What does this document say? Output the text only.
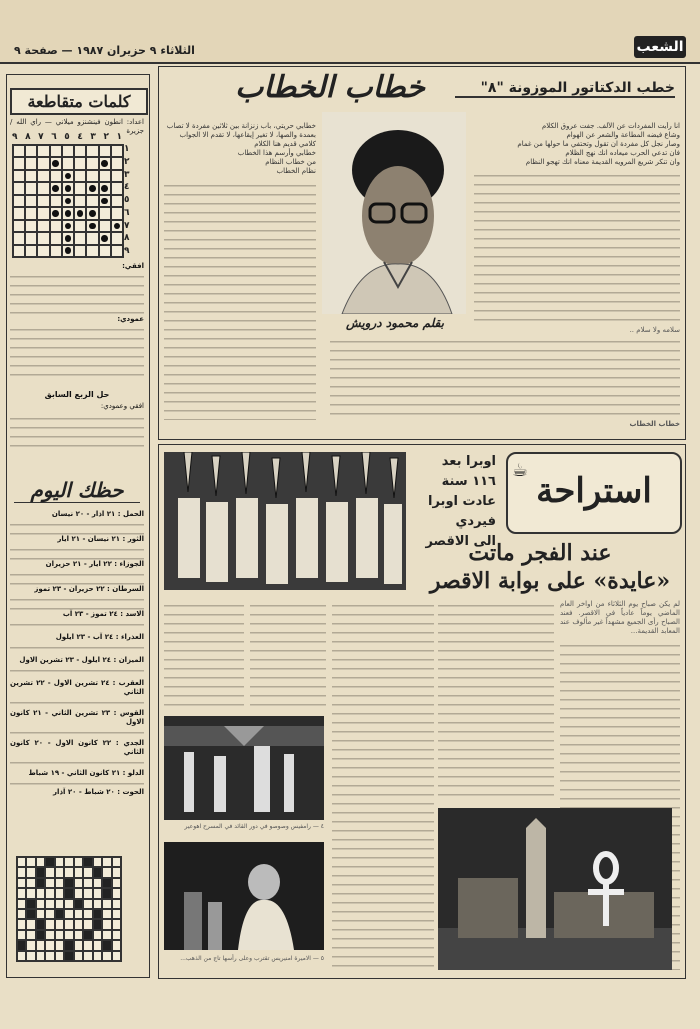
الشعب
الثلاثاء ٩ حزيران ١٩٨٧ — صفحة ٩
خطاب الخطاب	خطب الدكتاتور الموزونة "٨"
بقلم محمود درويش
انا رأيت المفردات عن الألف. جفت عروق الكلام
وشاع فيضه المطاعة والشعر عن الهوام
وصار نجل كل مفردة ان تقول وتحتفي ما حولها من غمام
فان تدعي الحرب ميعاده انك نهج الظلام
وان تنكر شريع المرويه القديمة معناه انك تهجو النظام
خطابي حريتي، باب زنزانة بين ثلاثين مفردة لا تصاب
بعمدة والصها، لا تغير إيقاعها، لا تقدم الا الجواب
كلامي قديم هنا الكلام
خطابي وأرسم هذا الخطاب
من خطاب النظام
نظام الخطاب
سلامه ولا سلام ..
خطاب الخطاب
كلمات متقاطعة
اعداد: انطون فينشنزو ميلاني — راي الله / جزيرة
١
٢
٣
٤
٥
٦
٧
٨
٩
١
٢
٣
٤
٥
٦
٧
٨
٩
افقي:
عمودي:
حل الربع السابق
افقي وعمودي:
حظك اليوم
الحمل : ٢١ آذار - ٢٠ نيسان
الثور : ٢١ نيسان - ٢١ ايار
الجوزاء : ٢٢ ايار - ٢١ حزيران
السرطان : ٢٢ حزيران - ٢٣ تموز
الاسد : ٢٤ تموز - ٢٣ آب
العذراء : ٢٤ آب - ٢٣ ايلول
الميزان : ٢٤ ايلول - ٢٣ تشرين الاول
العقرب : ٢٤ تشرين الاول - ٢٢ تشرين الثاني
القوس : ٢٣ تشرين الثاني - ٢١ كانون الاول
الجدي : ٢٢ كانون الاول - ٢٠ كانون الثاني
الدلو : ٢١ كانون الثاني - ١٩ شباط
الحوت : ٢٠ شباط - ٢٠ آذار
اوبرا بعد
١١٦ سنة
عادت اوبرا
فيردي
الى الاقصر
استراحة
☕
عند الفجر ماتت
«عايدة» على بوابة الاقصر
لم يكن صباح يوم الثلاثاء من اواخر العام الماضي يوماً عادياً في الاقصر. فعند الصباح رأى الجميع مشهداً غير مألوف عند المعابد القديمة...
٤ — رامفيس وصوصو في دور القائد في المسرح اهوعير
٥ — الاميرة امنيريس تقترب وعلى رأسها تاج من الذهب...
